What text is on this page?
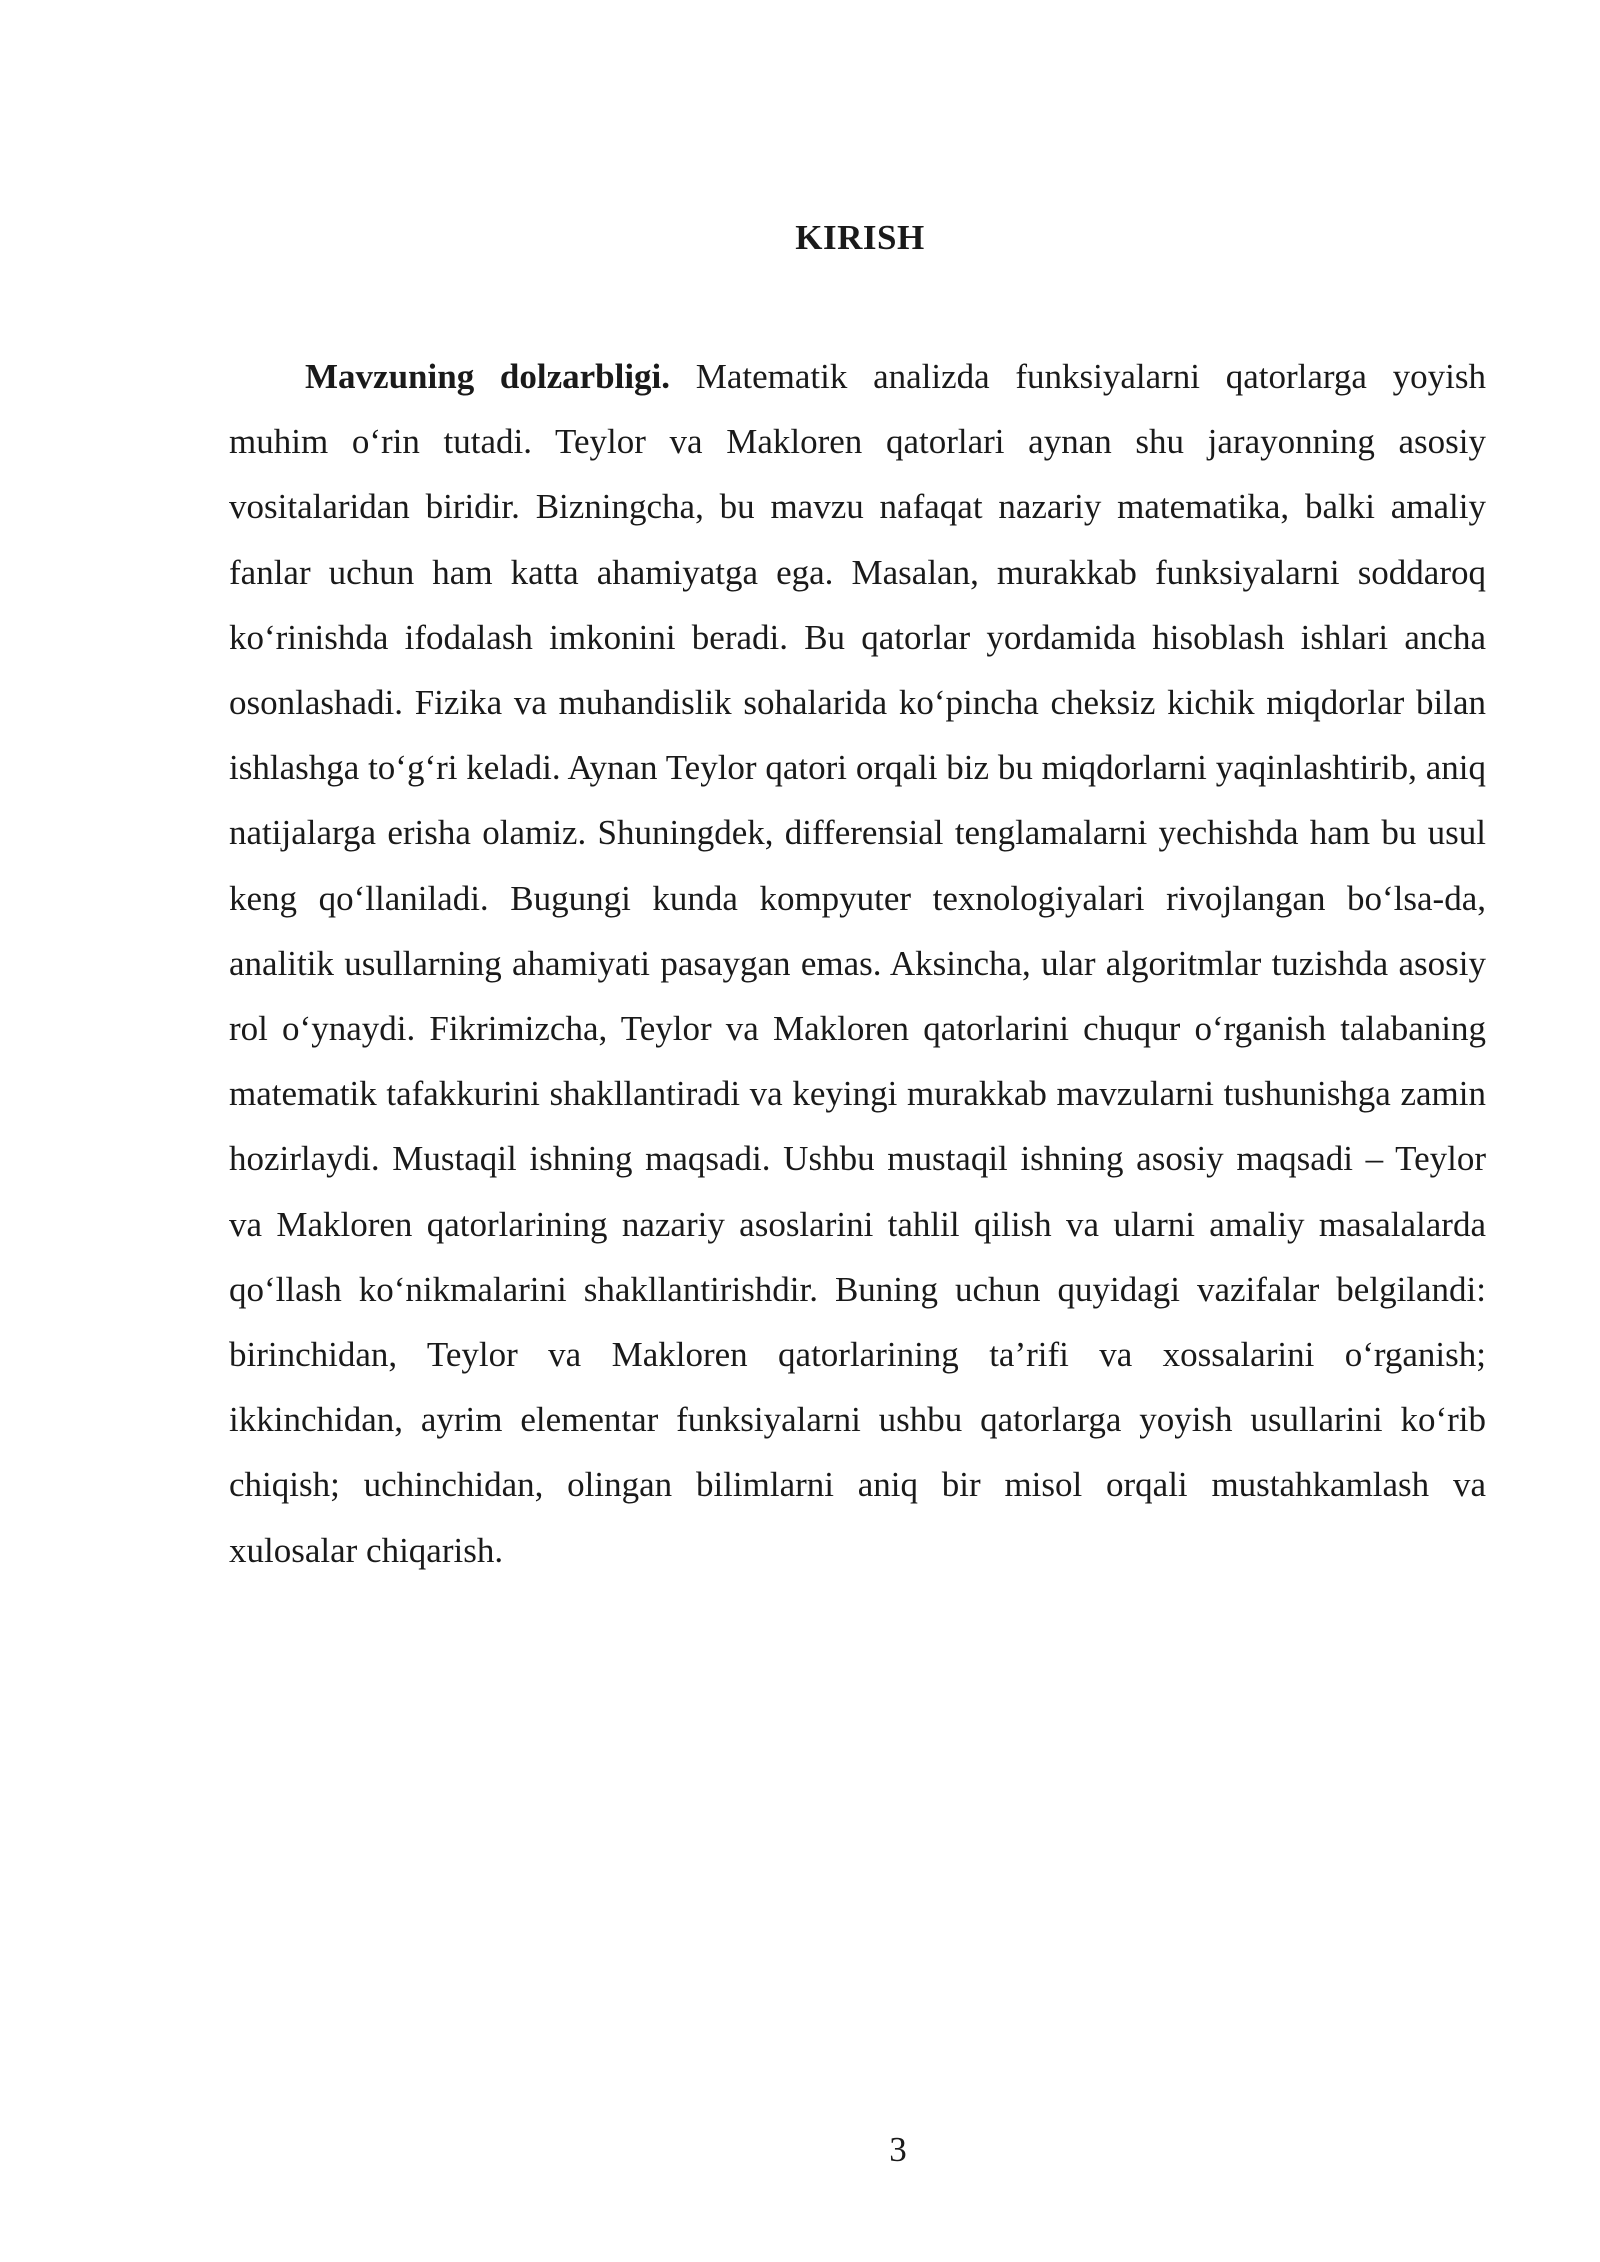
KIRISH

Mavzuning dolzarbligi. Matematik analizda funksiyalarni qatorlarga yoyish muhim o‘rin tutadi. Teylor va Makloren qatorlari aynan shu jarayonning asosiy vositalaridan biridir. Bizningcha, bu mavzu nafaqat nazariy matematika, balki amaliy fanlar uchun ham katta ahamiyatga ega. Masalan, murakkab funksiyalarni soddaroq ko‘rinishda ifodalash imkonini beradi. Bu qatorlar yordamida hisoblash ishlari ancha osonlashadi. Fizika va muhandislik sohalarida ko‘pincha cheksiz kichik miqdorlar bilan ishlashga to‘g‘ri keladi. Aynan Teylor qatori orqali biz bu miqdorlarni yaqinlashtirib, aniq natijalarga erisha olamiz. Shuningdek, differensial tenglamalarni yechishda ham bu usul keng qo‘llaniladi. Bugungi kunda kompyuter texnologiyalari rivojlangan bo‘lsa-da, analitik usullarning ahamiyati pasaygan emas. Aksincha, ular algoritmlar tuzishda asosiy rol o‘ynaydi. Fikrimizcha, Teylor va Makloren qatorlarini chuqur o‘rganish talabaning matematik tafakkurini shakllantiradi va keyingi murakkab mavzularni tushunishga zamin hozirlaydi. Mustaqil ishning maqsadi. Ushbu mustaqil ishning asosiy maqsadi – Teylor va Makloren qatorlarining nazariy asoslarini tahlil qilish va ularni amaliy masalalarda qo‘llash ko‘nikmalarini shakllantirishdir. Buning uchun quyidagi vazifalar belgilandi: birinchidan, Teylor va Makloren qatorlarining ta’rifi va xossalarini o‘rganish; ikkinchidan, ayrim elementar funksiyalarni ushbu qatorlarga yoyish usullarini ko‘rib chiqish; uchinchidan, olingan bilimlarni aniq bir misol orqali mustahkamlash va xulosalar chiqarish.

3
